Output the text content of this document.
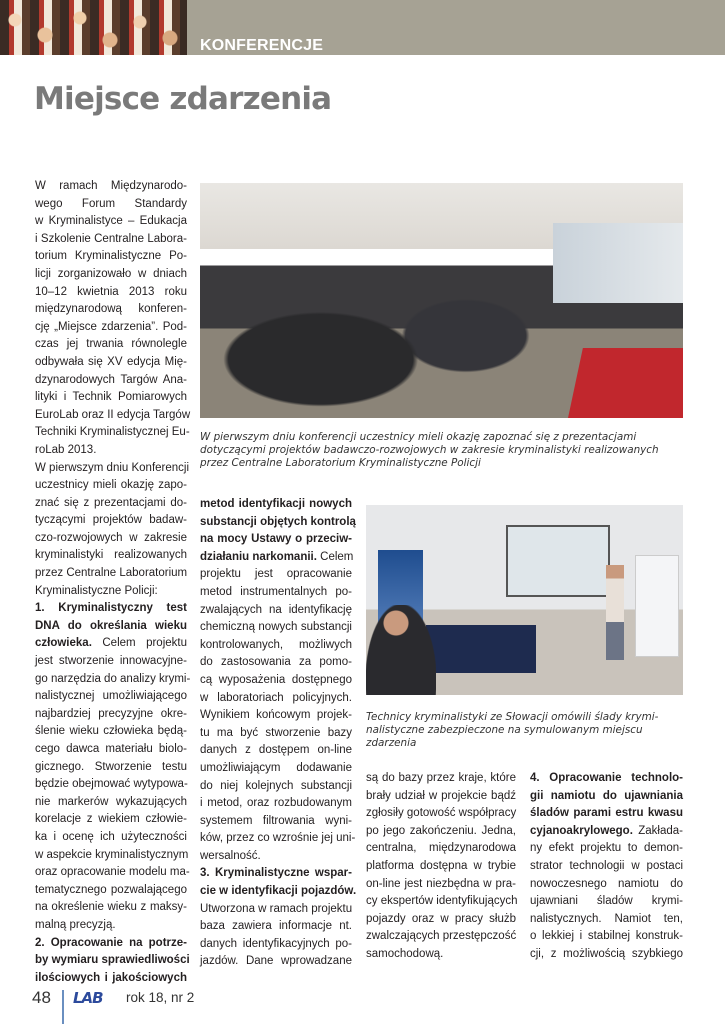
KONFERENCJE
Miejsce zdarzenia
W ramach Międzynarodo-
wego Forum Standardy
w Kryminalistyce – Edukacja
i Szkolenie Centralne Labora-
torium Kryminalistyczne Po-
licji zorganizowało w dniach
10–12 kwietnia 2013 roku
międzynarodową konferen-
cję „Miejsce zdarzenia”. Pod-
czas jej trwania równolegle
odbywała się XV edycja Mię-
dzynarodowych Targów Ana-
lityki i Technik Pomiarowych
EuroLab oraz II edycja Targów
Techniki Kryminalistycznej Eu-
roLab 2013.
W pierwszym dniu Konferencji
uczestnicy mieli okazję zapo-
znać się z prezentacjami do-
tyczącymi projektów badaw-
czo-rozwojowych w zakresie
kryminalistyki realizowanych
przez Centralne Laboratorium
Kryminalistyczne Policji:
1. Kryminalistyczny test
DNA do określania wieku
człowieka. Celem projektu
jest stworzenie innowacyjne-
go narzędzia do analizy krymi-
nalistycznej umożliwiającego
najbardziej precyzyjne okre-
ślenie wieku człowieka będą-
cego dawca materiału biolo-
gicznego. Stworzenie testu
będzie obejmować wytypowa-
nie markerów wykazujących
korelacje z wiekiem człowie-
ka i ocenę ich użyteczności
w aspekcie kryminalistycznym
oraz opracowanie modelu ma-
tematycznego pozwalającego
na określenie wieku z maksy-
malną precyzją.
2. Opracowanie na potrze-
by wymiaru sprawiedliwości
ilościowych i jakościowych
metod identyfikacji nowych
substancji objętych kontrolą
na mocy Ustawy o przeciw-
działaniu narkomanii. Celem
projektu jest opracowanie
metod instrumentalnych po-
zwalających na identyfikację
chemiczną nowych substancji
kontrolowanych, możliwych
do zastosowania za pomo-
cą wyposażenia dostępnego
w laboratoriach policyjnych.
Wynikiem końcowym projek-
tu ma być stworzenie bazy
danych z dostępem on-line
umożliwiającym dodawanie
do niej kolejnych substancji
i metod, oraz rozbudowanym
systemem filtrowania wyni-
ków, przez co wzrośnie jej uni-
wersalność.
3. Kryminalistyczne wspar-
cie w identyfikacji pojazdów.
Utworzona w ramach projektu
baza zawiera informacje nt.
danych identyfikacyjnych po-
jazdów. Dane wprowadzane
są do bazy przez kraje, które
brały udział w projekcie bądź
zgłosiły gotowość współpracy
po jego zakończeniu. Jedna,
centralna, międzynarodowa
platforma dostępna w trybie
on-line jest niezbędna w pra-
cy ekspertów identyfikujących
pojazdy oraz w pracy służb
zwalczających przestępczość
samochodową.
4. Opracowanie technolo-
gii namiotu do ujawniania
śladów parami estru kwasu
cyjanoakrylowego. Zakłada-
ny efekt projektu to demon-
strator technologii w postaci
nowoczesnego namiotu do
ujawniani śladów krymi-
nalistycznych. Namiot ten,
o lekkiej i stabilnej konstruk-
cji, z możliwością szybkiego
W pierwszym dniu konferencji uczestnicy mieli okazję zapoznać się z prezentacjami dotyczącymi projektów badawczo-rozwojowych w zakresie kryminalistyki realizowanych przez Centralne Laboratorium Kryminalistyczne Policji
Technicy kryminalistyki ze Słowacji omówili ślady krymi-nalistyczne zabezpieczone na symulowanym miejscu zdarzenia
48 LAB rok 18, nr 2
